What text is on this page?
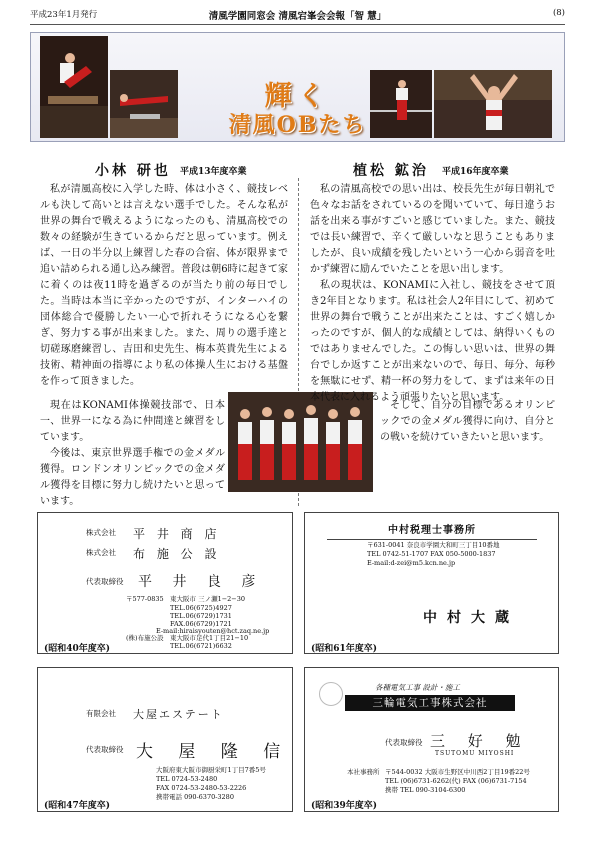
平成23年1月発行	清風学園同窓会 清風宕峯会会報「智 慧」	(8)
輝く
清風OBたち
小林 研也 平成13年度卒業

私が清風高校に入学した時、体は小さく、競技レベルも決して高いとは言えない選手でした。そんな私が世界の舞台で戦えるようになったのも、清風高校での数々の経験が生きているからだと思っています。例えば、一日の半分以上練習した春の合宿、体が限界まで追い詰められる通し込み練習。普段は朝6時に起きて家に着くのは夜11時を過ぎるのが当たり前の毎日でした。当時は本当に辛かったのですが、インターハイの団体総合で優勝したい一心で折れそうになる心を繋ぎ、努力する事が出来ました。また、周りの選手達と切磋琢磨練習し、吉田和史先生、梅本英貴先生による技術、精神面の指導により私の体操人生における基盤を作って頂きました。

現在はKONAMI体操競技部で、日本一、世界一になる為に仲間達と練習をしています。

今後は、東京世界選手権での金メダル獲得。ロンドンオリンピックでの金メダル獲得を目標に努力し続けたいと思っています。

植松 鉱治 平成16年度卒業

私の清風高校での思い出は、校長先生が毎日朝礼で色々なお話をされているのを聞いていて、毎日違うお話を出来る事がすごいと感じていました。また、競技では長い練習で、辛くて厳しいなと思うこともありましたが、良い成績を残したいという一心から弱音を吐かず練習に励んでいたことを思い出します。

私の現状は、KONAMIに入社し、競技をさせて頂き2年目となります。私は社会人2年目にして、初めて世界の舞台で戦うことが出来たことは、すごく嬉しかったのですが、個人的な成績としては、納得いくものではありませんでした。この悔しい思いは、世界の舞台でしか返すことが出来ないので、毎日、毎分、毎秒を無駄にせず、精一杯の努力をして、まずは来年の日本代表に入れるよう頑張りたいと思います。

そして、自分の目標であるオリンピックでの金メダル獲得に向け、自分との戦いを続けていきたいと思います。

株式会社 平 井 商 店
株式会社 布 施 公 設
代表取締役 平 井 良 彦
〒577-0835 東大阪市 三ノ瀬1−2−30
TEL.06(6725)4927
TEL.06(6729)1731
FAX.06(6729)1721
E-mail:hiraisyouten@hct.zaq.ne.jp
(株)布施公設 東大阪市足代1丁目21−10
TEL.06(6721)6632
(昭和40年度卒)
中村税理士事務所
〒631-0041 奈良市学園大和町三丁目10番地
TEL 0742-51-1707 FAX 050-5000-1837
E-mail:d-zei@m5.kcn.ne.jp
中村大蔵
(昭和61年度卒)
有限会社 大屋エステート
代表取締役 大 屋 隆 信
大阪府東大阪市御厨栄町1丁目7番5号
TEL 0724-53-2480
FAX 0724-53-2480-53-2226
携帯電話 090-6370-3280
(昭和47年度卒)
各種電気工事 設計・施工
三輪電気工事株式会社
代表取締役 三 好 勉
TSUTOMU MIYOSHI
本社事務所 〒544-0032 大阪市生野区中川西2丁目19番22号
TEL (06)6731-6262(代) FAX (06)6731-7154
携帯 TEL 090-3104-6300
(昭和39年度卒)
